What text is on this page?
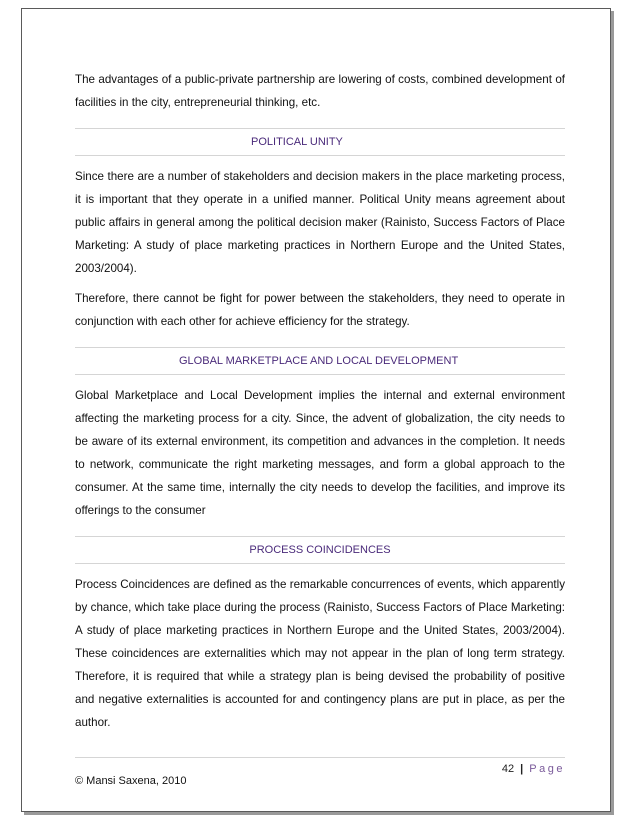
The advantages of a public-private partnership are lowering of costs, combined development of facilities in the city, entrepreneurial thinking, etc.

POLITICAL UNITY

Since there are a number of stakeholders and decision makers in the place marketing process, it is important that they operate in a unified manner. Political Unity means agreement about public affairs in general among the political decision maker (Rainisto, Success Factors of Place Marketing: A study of place marketing practices in Northern Europe and the United States, 2003/2004).

Therefore, there cannot be fight for power between the stakeholders, they need to operate in conjunction with each other for achieve efficiency for the strategy.

GLOBAL MARKETPLACE AND LOCAL DEVELOPMENT

Global Marketplace and Local Development implies the internal and external environment affecting the marketing process for a city. Since, the advent of globalization, the city needs to be aware of its external environment, its competition and advances in the completion. It needs to network, communicate the right marketing messages, and form a global approach to the consumer. At the same time, internally the city needs to develop the facilities, and improve its offerings to the consumer

PROCESS COINCIDENCES

Process Coincidences are defined as the remarkable concurrences of events, which apparently by chance, which take place during the process (Rainisto, Success Factors of Place Marketing: A study of place marketing practices in Northern Europe and the United States, 2003/2004). These coincidences are externalities which may not appear in the plan of long term strategy. Therefore, it is required that while a strategy plan is being devised the probability of positive and negative externalities is accounted for and contingency plans are put in place, as per the author.

42 | Page
© Mansi Saxena, 2010
